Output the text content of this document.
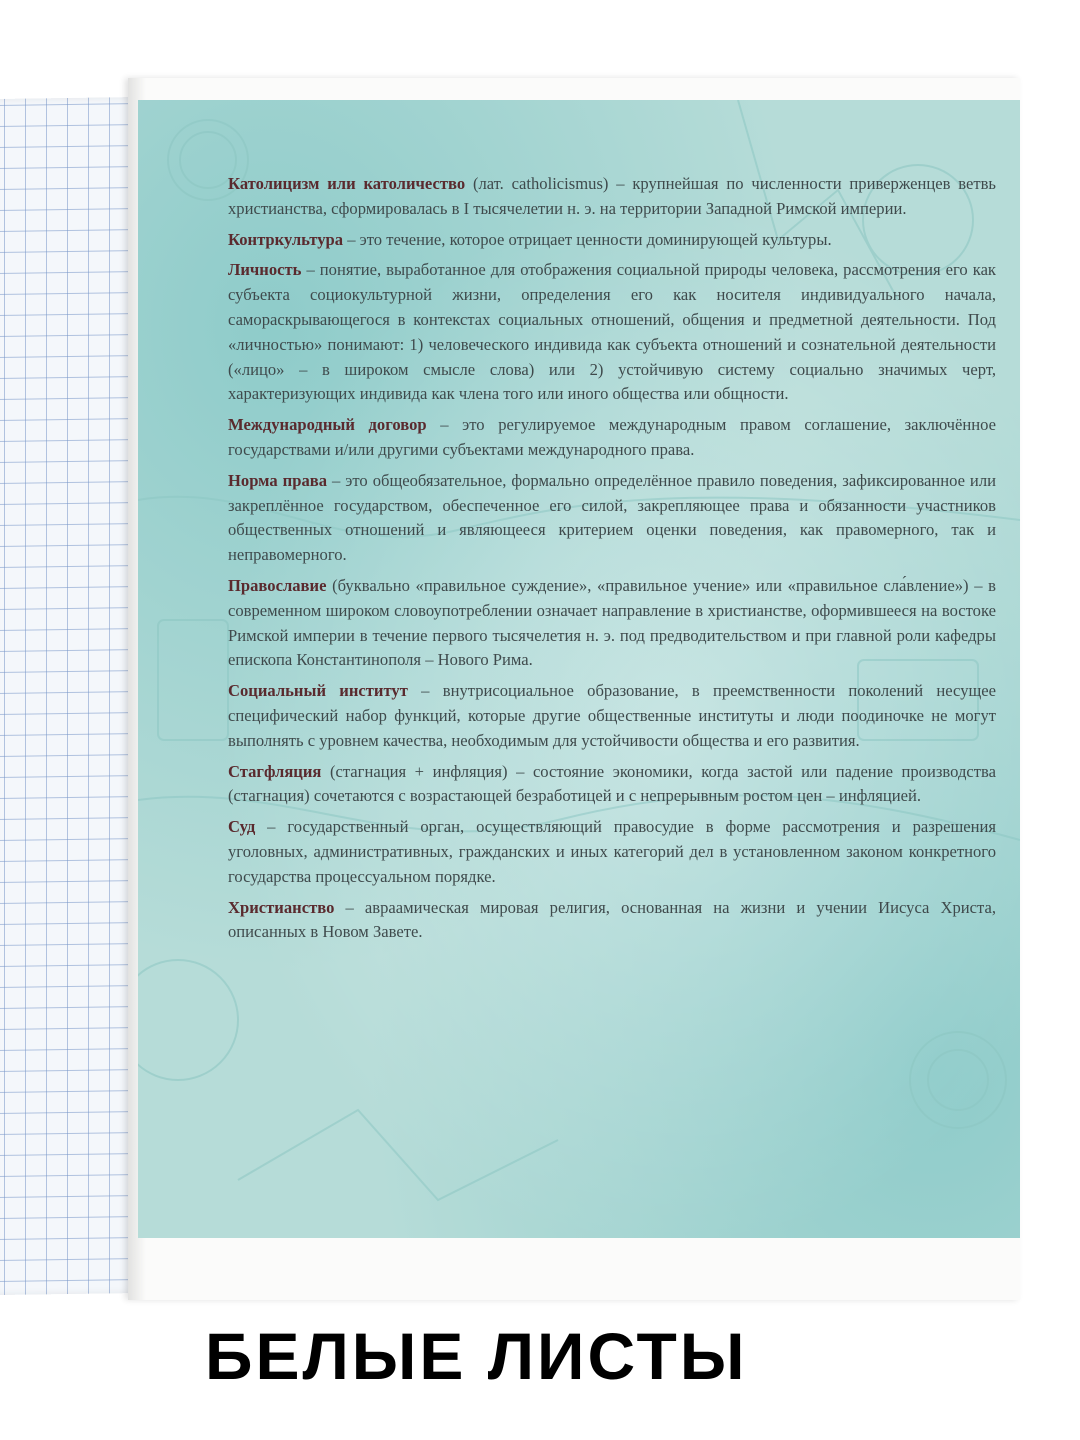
Католицизм или католичество (лат. catholicismus) – крупнейшая по численности приверженцев ветвь христианства, сформировалась в I тысячелетии н. э. на территории Западной Римской империи.

Контркультура – это течение, которое отрицает ценности доминирующей культуры.

Личность – понятие, выработанное для отображения социальной природы человека, рассмотрения его как субъекта социокультурной жизни, определения его как носителя индивидуального начала, самораскрывающегося в контекстах социальных отношений, общения и предметной деятельности. Под «личностью» понимают: 1) человеческого индивида как субъекта отношений и сознательной деятельности («лицо» – в широком смысле слова) или 2) устойчивую систему социально значимых черт, характеризующих индивида как члена того или иного общества или общности.

Международный договор – это регулируемое международным правом соглашение, заключённое государствами и/или другими субъектами международного права.

Норма права – это общеобязательное, формально определённое правило поведения, зафиксированное или закреплённое государством, обеспеченное его силой, закрепляющее права и обязанности участников общественных отношений и являющееся критерием оценки поведения, как правомерного, так и неправомерного.

Православие (буквально «правильное суждение», «правильное учение» или «правильное сла́вление») – в современном широком словоупотреблении означает направление в христианстве, оформившееся на востоке Римской империи в течение первого тысячелетия н. э. под предводительством и при главной роли кафедры епископа Константинополя – Нового Рима.

Социальный институт – внутрисоциальное образование, в преемственности поколений несущее специфический набор функций, которые другие общественные институты и люди поодиночке не могут выполнять с уровнем качества, необходимым для устойчивости общества и его развития.

Стагфляция (стагнация + инфляция) – состояние экономики, когда застой или падение производства (стагнация) сочетаются с возрастающей безработицей и с непрерывным ростом цен – инфляцией.

Суд – государственный орган, осуществляющий правосудие в форме рассмотрения и разрешения уголовных, административных, гражданских и иных категорий дел в установленном законом конкретного государства процессуальном порядке.

Христианство – авраамическая мировая религия, основанная на жизни и учении Иисуса Христа, описанных в Новом Завете.

БЕЛЫЕ ЛИСТЫ
